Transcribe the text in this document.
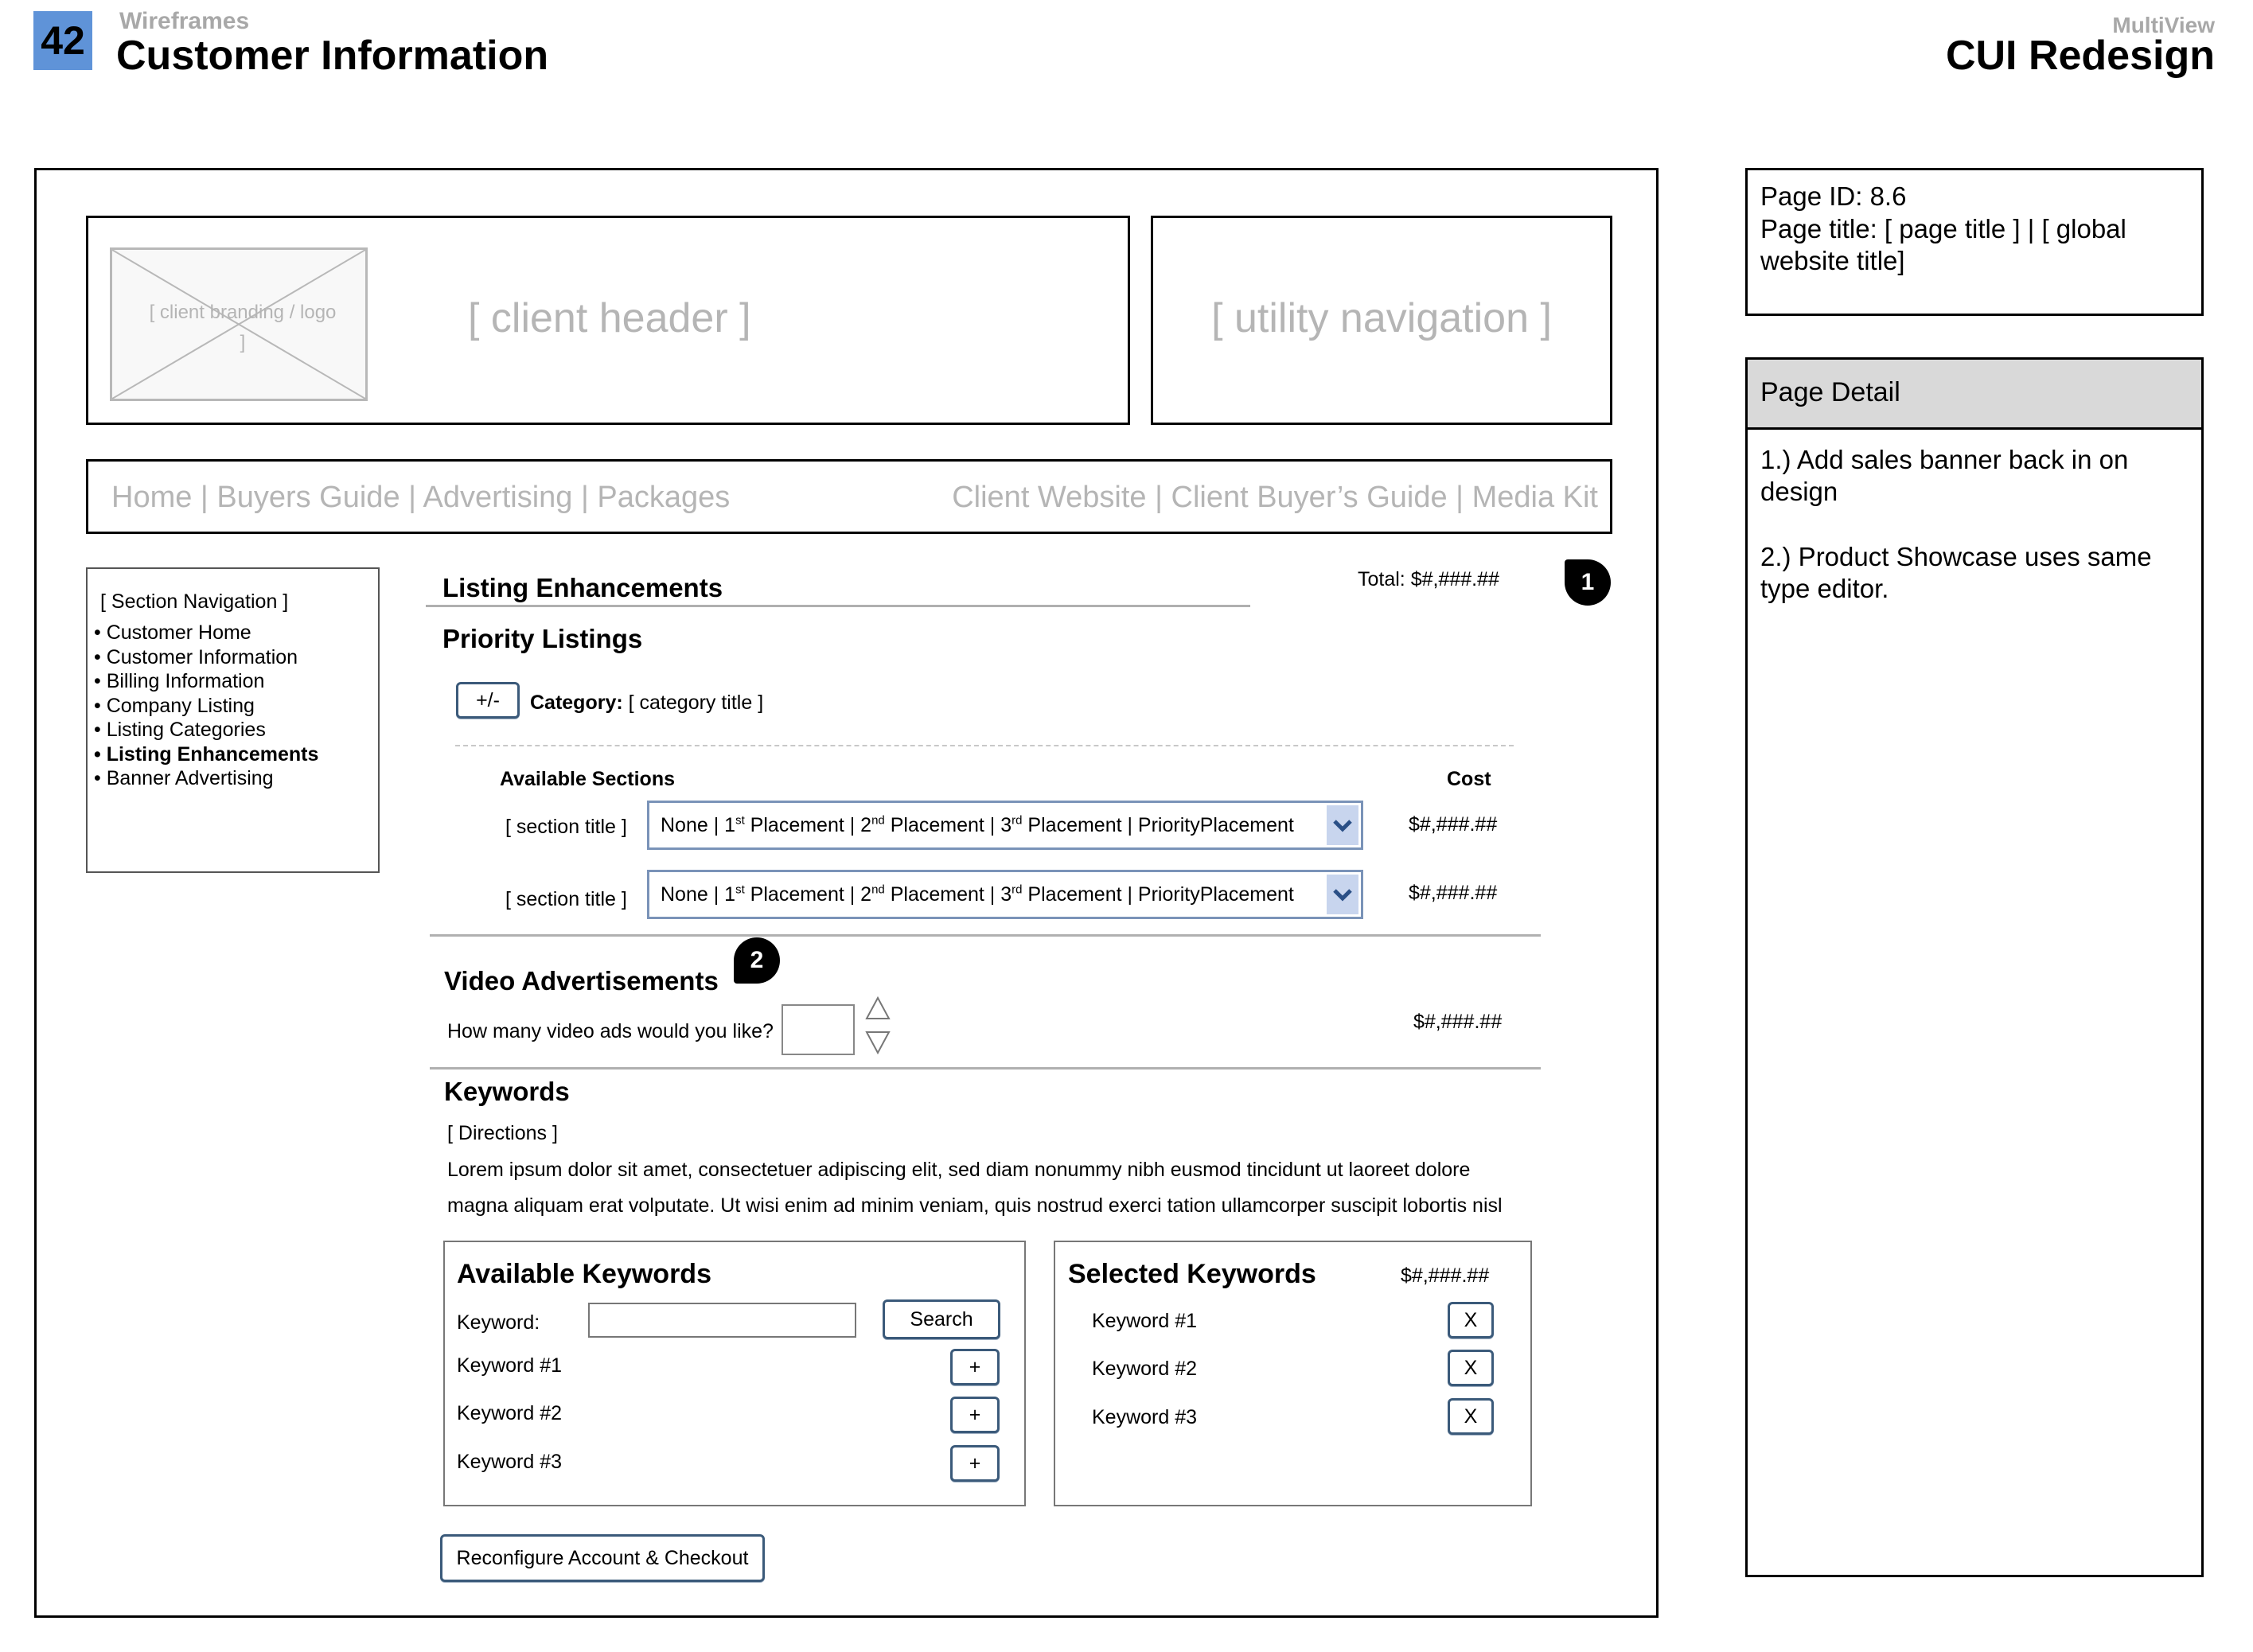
42	Wireframes
Customer Information
MultiView
CUI Redesign
[ client branding / logo ]
[ client header ]	[ utility navigation ]
Home | Buyers Guide | Advertising | Packages	Client Website | Client Buyer’s Guide | Media Kit
[ Section Navigation ]
• Customer Home
• Customer Information
• Billing Information
• Company Listing
• Listing Categories
• Listing Enhancements
• Banner Advertising
Listing Enhancements	Total: $#,###.##	1
Priority Listings
+/-	Category: [ category title ]
Available Sections	Cost
[ section title ] None | 1st Placement | 2nd Placement | 3rd Placement | PriorityPlacement	$#,###.##
[ section title ] None | 1st Placement | 2nd Placement | 3rd Placement | PriorityPlacement	$#,###.##
Video Advertisements
2
How many video ads would you like?	$#,###.##
Keywords
[ Directions ]
Lorem ipsum dolor sit amet, consectetuer adipiscing elit, sed diam nonummy nibh eusmod tincidunt ut laoreet dolore
magna aliquam erat volputate. Ut wisi enim ad minim veniam, quis nostrud exerci tation ullamcorper suscipit lobortis nisl
Available Keywords
Keyword:	Search
Keyword #1	+
Keyword #2	+
Keyword #3	+
Selected Keywords	$#,###.##
Keyword #1	X
Keyword #2	X
Keyword #3	X
Reconfigure Account & Checkout
Page ID: 8.6
Page title: [ page title ] | [ global website title]
Page Detail
1.) Add sales banner back in on design
2.) Product Showcase uses same type editor.
